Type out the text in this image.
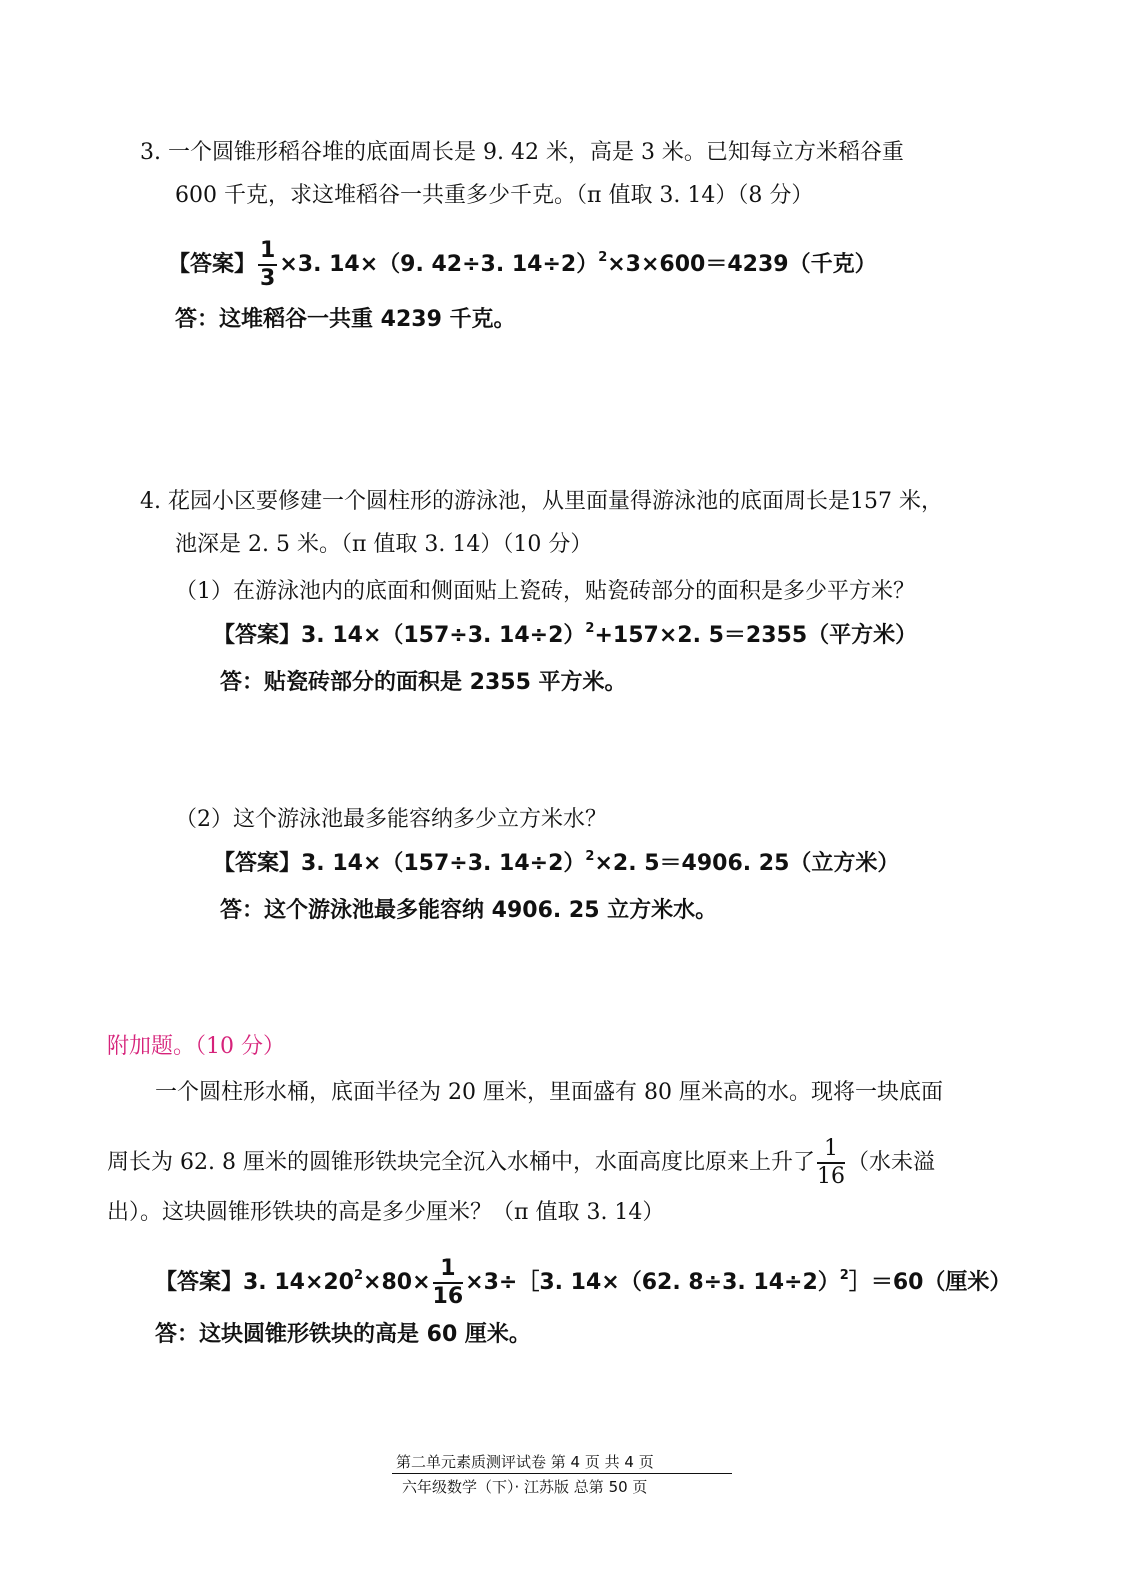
3. 一个圆锥形稻谷堆的底面周长是 9. 42 米，高是 3 米。已知每立方米稻谷重
600 千克，求这堆稻谷一共重多少千克。（π 值取 3. 14）（8 分）
【答案】 $\frac{1}{3} \times 3$. 14×（9. 42÷3. 14÷2）$^2$×3×600＝4239（千克）
答：这堆稻谷一共重 4239 千克。
4. 花园小区要修建一个圆柱形的游泳池，从里面量得游泳池的底面周长是157 米，
池深是 2. 5 米。（π 值取 3. 14）（10 分）
（1）在游泳池内的底面和侧面贴上瓷砖，贴瓷砖部分的面积是多少平方米？
【答案】3. 14×（157÷3. 14÷2）$^2$+157×2. 5＝2355（平方米）
答：贴瓷砖部分的面积是 2355 平方米。
（2）这个游泳池最多能容纳多少立方米水？
【答案】3. 14×（157÷3. 14÷2）$^2$×2. 5＝4906. 25（立方米）
答：这个游泳池最多能容纳 4906. 25 立方米水。
附加题。（10 分）
一个圆柱形水桶，底面半径为 20 厘米，里面盛有 80 厘米高的水。现将一块底面
周长为 62. 8 厘米的圆锥形铁块完全沉入水桶中，水面高度比原来上升了 $\frac{1}{16}$ （水未溢
出）。这块圆锥形铁块的高是多少厘米？（π 值取 3. 14）
【答案】3. $14\times 20^2\times 80\times \frac{1}{16}$ ×3÷［3. 14×（62. 8÷3. 14÷2）$^2$］＝60（厘米）
答：这块圆锥形铁块的高是 60 厘米。
第二单元素质测评试卷 第 4 页 共 4 页
六年级数学（下）· 江苏版 总第 50 页
